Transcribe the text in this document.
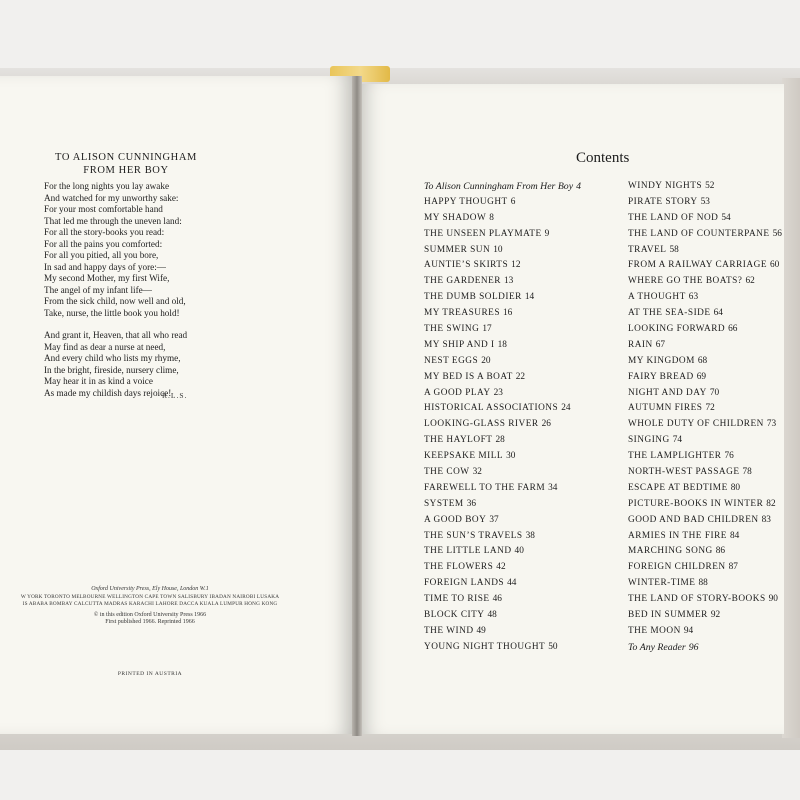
TO ALISON CUNNINGHAM
FROM HER BOY
For the long nights you lay awake
And watched for my unworthy sake:
For your most comfortable hand
That led me through the uneven land:
For all the story-books you read:
For all the pains you comforted:
For all you pitied, all you bore,
In sad and happy days of yore:—
My second Mother, my first Wife,
The angel of my infant life—
From the sick child, now well and old,
Take, nurse, the little book you hold!
And grant it, Heaven, that all who read
May find as dear a nurse at need,
And every child who lists my rhyme,
In the bright, fireside, nursery clime,
May hear it in as kind a voice
As made my childish days rejoice!
R.L.S.
Oxford University Press, Ely House, London W.1
W YORK TORONTO MELBOURNE WELLINGTON CAPE TOWN SALISBURY IBADAN NAIROBI LUSAKA
IS ABABA BOMBAY CALCUTTA MADRAS KARACHI LAHORE DACCA KUALA LUMPUR HONG KONG
© in this edition Oxford University Press 1966
First published 1966. Reprinted 1966
PRINTED IN AUSTRIA
Contents
To Alison Cunningham From Her Boy 4
HAPPY THOUGHT 6
MY SHADOW 8
THE UNSEEN PLAYMATE 9
SUMMER SUN 10
AUNTIE’S SKIRTS 12
THE GARDENER 13
THE DUMB SOLDIER 14
MY TREASURES 16
THE SWING 17
MY SHIP AND I 18
NEST EGGS 20
MY BED IS A BOAT 22
A GOOD PLAY 23
HISTORICAL ASSOCIATIONS 24
LOOKING-GLASS RIVER 26
THE HAYLOFT 28
KEEPSAKE MILL 30
THE COW 32
FAREWELL TO THE FARM 34
SYSTEM 36
A GOOD BOY 37
THE SUN’S TRAVELS 38
THE LITTLE LAND 40
THE FLOWERS 42
FOREIGN LANDS 44
TIME TO RISE 46
BLOCK CITY 48
THE WIND 49
YOUNG NIGHT THOUGHT 50
WINDY NIGHTS 52
PIRATE STORY 53
THE LAND OF NOD 54
THE LAND OF COUNTERPANE 56
TRAVEL 58
FROM A RAILWAY CARRIAGE 60
WHERE GO THE BOATS? 62
A THOUGHT 63
AT THE SEA-SIDE 64
LOOKING FORWARD 66
RAIN 67
MY KINGDOM 68
FAIRY BREAD 69
NIGHT AND DAY 70
AUTUMN FIRES 72
WHOLE DUTY OF CHILDREN 73
SINGING 74
THE LAMPLIGHTER 76
NORTH-WEST PASSAGE 78
ESCAPE AT BEDTIME 80
PICTURE-BOOKS IN WINTER 82
GOOD AND BAD CHILDREN 83
ARMIES IN THE FIRE 84
MARCHING SONG 86
FOREIGN CHILDREN 87
WINTER-TIME 88
THE LAND OF STORY-BOOKS 90
BED IN SUMMER 92
THE MOON 94
To Any Reader 96
